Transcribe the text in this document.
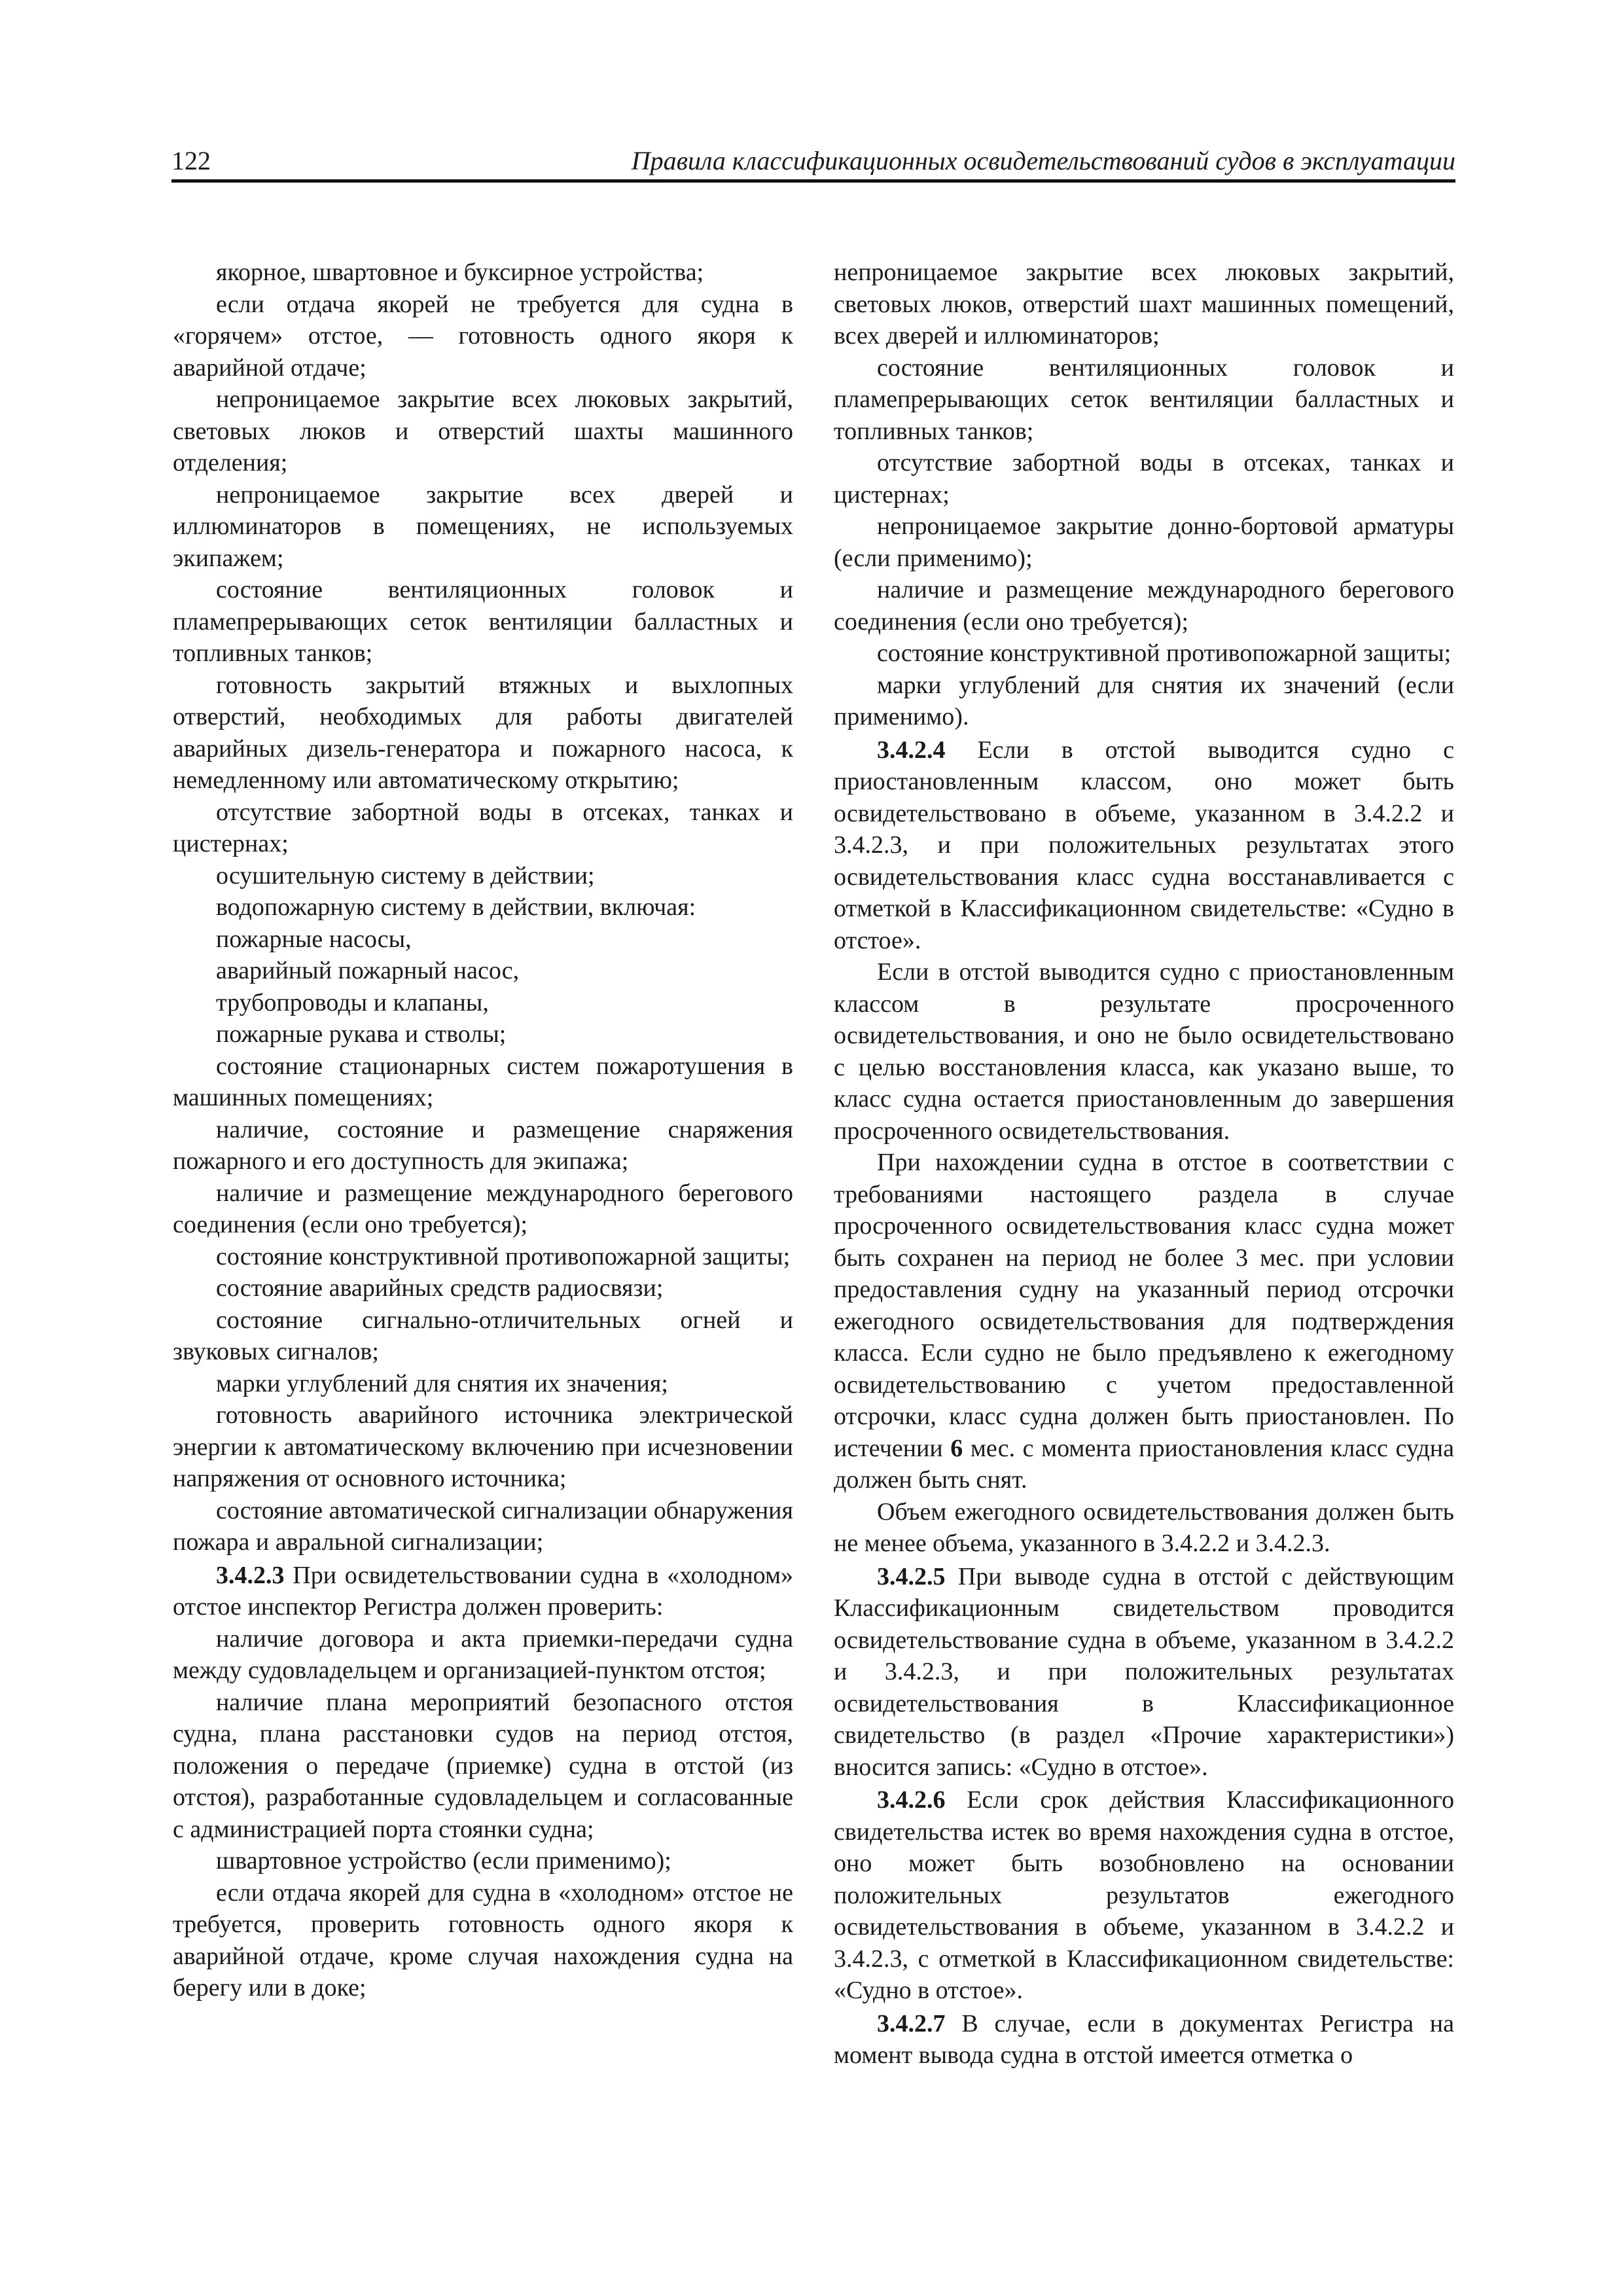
122	Правила классификационных освидетельствований судов в эксплуатации

якорное, швартовное и буксирное устройства;

если отдача якорей не требуется для судна в «горячем» отстое, — готовность одного якоря к аварийной отдаче;

непроницаемое закрытие всех люковых закрытий, световых люков и отверстий шахты машинного отделения;

непроницаемое закрытие всех дверей и иллюминаторов в помещениях, не используемых экипажем;

состояние вентиляционных головок и пламепрерывающих сеток вентиляции балластных и топливных танков;

готовность закрытий втяжных и выхлопных отверстий, необходимых для работы двигателей аварийных дизель-генератора и пожарного насоса, к немедленному или автоматическому открытию;

отсутствие забортной воды в отсеках, танках и цистернах;

осушительную систему в действии;

водопожарную систему в действии, включая:

пожарные насосы,

аварийный пожарный насос,

трубопроводы и клапаны,

пожарные рукава и стволы;

состояние стационарных систем пожаротушения в машинных помещениях;

наличие, состояние и размещение снаряжения пожарного и его доступность для экипажа;

наличие и размещение международного берегового соединения (если оно требуется);

состояние конструктивной противопожарной защиты;

состояние аварийных средств радиосвязи;

состояние сигнально-отличительных огней и звуковых сигналов;

марки углублений для снятия их значения;

готовность аварийного источника электрической энергии к автоматическому включению при исчезновении напряжения от основного источника;

состояние автоматической сигнализации обнаружения пожара и авральной сигнализации;

3.4.2.3 При освидетельствовании судна в «холодном» отстое инспектор Регистра должен проверить:

наличие договора и акта приемки-передачи судна между судовладельцем и организацией-пунктом отстоя;

наличие плана мероприятий безопасного отстоя судна, плана расстановки судов на период отстоя, положения о передаче (приемке) судна в отстой (из отстоя), разработанные судовладельцем и согласованные с администрацией порта стоянки судна;

швартовное устройство (если применимо);

если отдача якорей для судна в «холодном» отстое не требуется, проверить готовность одного якоря к аварийной отдаче, кроме случая нахождения судна на берегу или в доке;

непроницаемое закрытие всех люковых закрытий, световых люков, отверстий шахт машинных помещений, всех дверей и иллюминаторов;

состояние вентиляционных головок и пламепрерывающих сеток вентиляции балластных и топливных танков;

отсутствие забортной воды в отсеках, танках и цистернах;

непроницаемое закрытие донно-бортовой арматуры (если применимо);

наличие и размещение международного берегового соединения (если оно требуется);

состояние конструктивной противопожарной защиты;

марки углублений для снятия их значений (если применимо).

3.4.2.4 Если в отстой выводится судно с приостановленным классом, оно может быть освидетельствовано в объеме, указанном в 3.4.2.2 и 3.4.2.3, и при положительных результатах этого освидетельствования класс судна восстанавливается с отметкой в Классификационном свидетельстве: «Судно в отстое».

Если в отстой выводится судно с приостановленным классом в результате просроченного освидетельствования, и оно не было освидетельствовано с целью восстановления класса, как указано выше, то класс судна остается приостановленным до завершения просроченного освидетельствования.

При нахождении судна в отстое в соответствии с требованиями настоящего раздела в случае просроченного освидетельствования класс судна может быть сохранен на период не более 3 мес. при условии предоставления судну на указанный период отсрочки ежегодного освидетельствования для подтверждения класса. Если судно не было предъявлено к ежегодному освидетельствованию с учетом предоставленной отсрочки, класс судна должен быть приостановлен. По истечении 6 мес. с момента приостановления класс судна должен быть снят.

Объем ежегодного освидетельствования должен быть не менее объема, указанного в 3.4.2.2 и 3.4.2.3.

3.4.2.5 При выводе судна в отстой с действующим Классификационным свидетельством проводится освидетельствование судна в объеме, указанном в 3.4.2.2 и 3.4.2.3, и при положительных результатах освидетельствования в Классификационное свидетельство (в раздел «Прочие характеристики») вносится запись: «Судно в отстое».

3.4.2.6 Если срок действия Классификационного свидетельства истек во время нахождения судна в отстое, оно может быть возобновлено на основании положительных результатов ежегодного освидетельствования в объеме, указанном в 3.4.2.2 и 3.4.2.3, с отметкой в Классификационном свидетельстве: «Судно в отстое».

3.4.2.7 В случае, если в документах Регистра на момент вывода судна в отстой имеется отметка о
